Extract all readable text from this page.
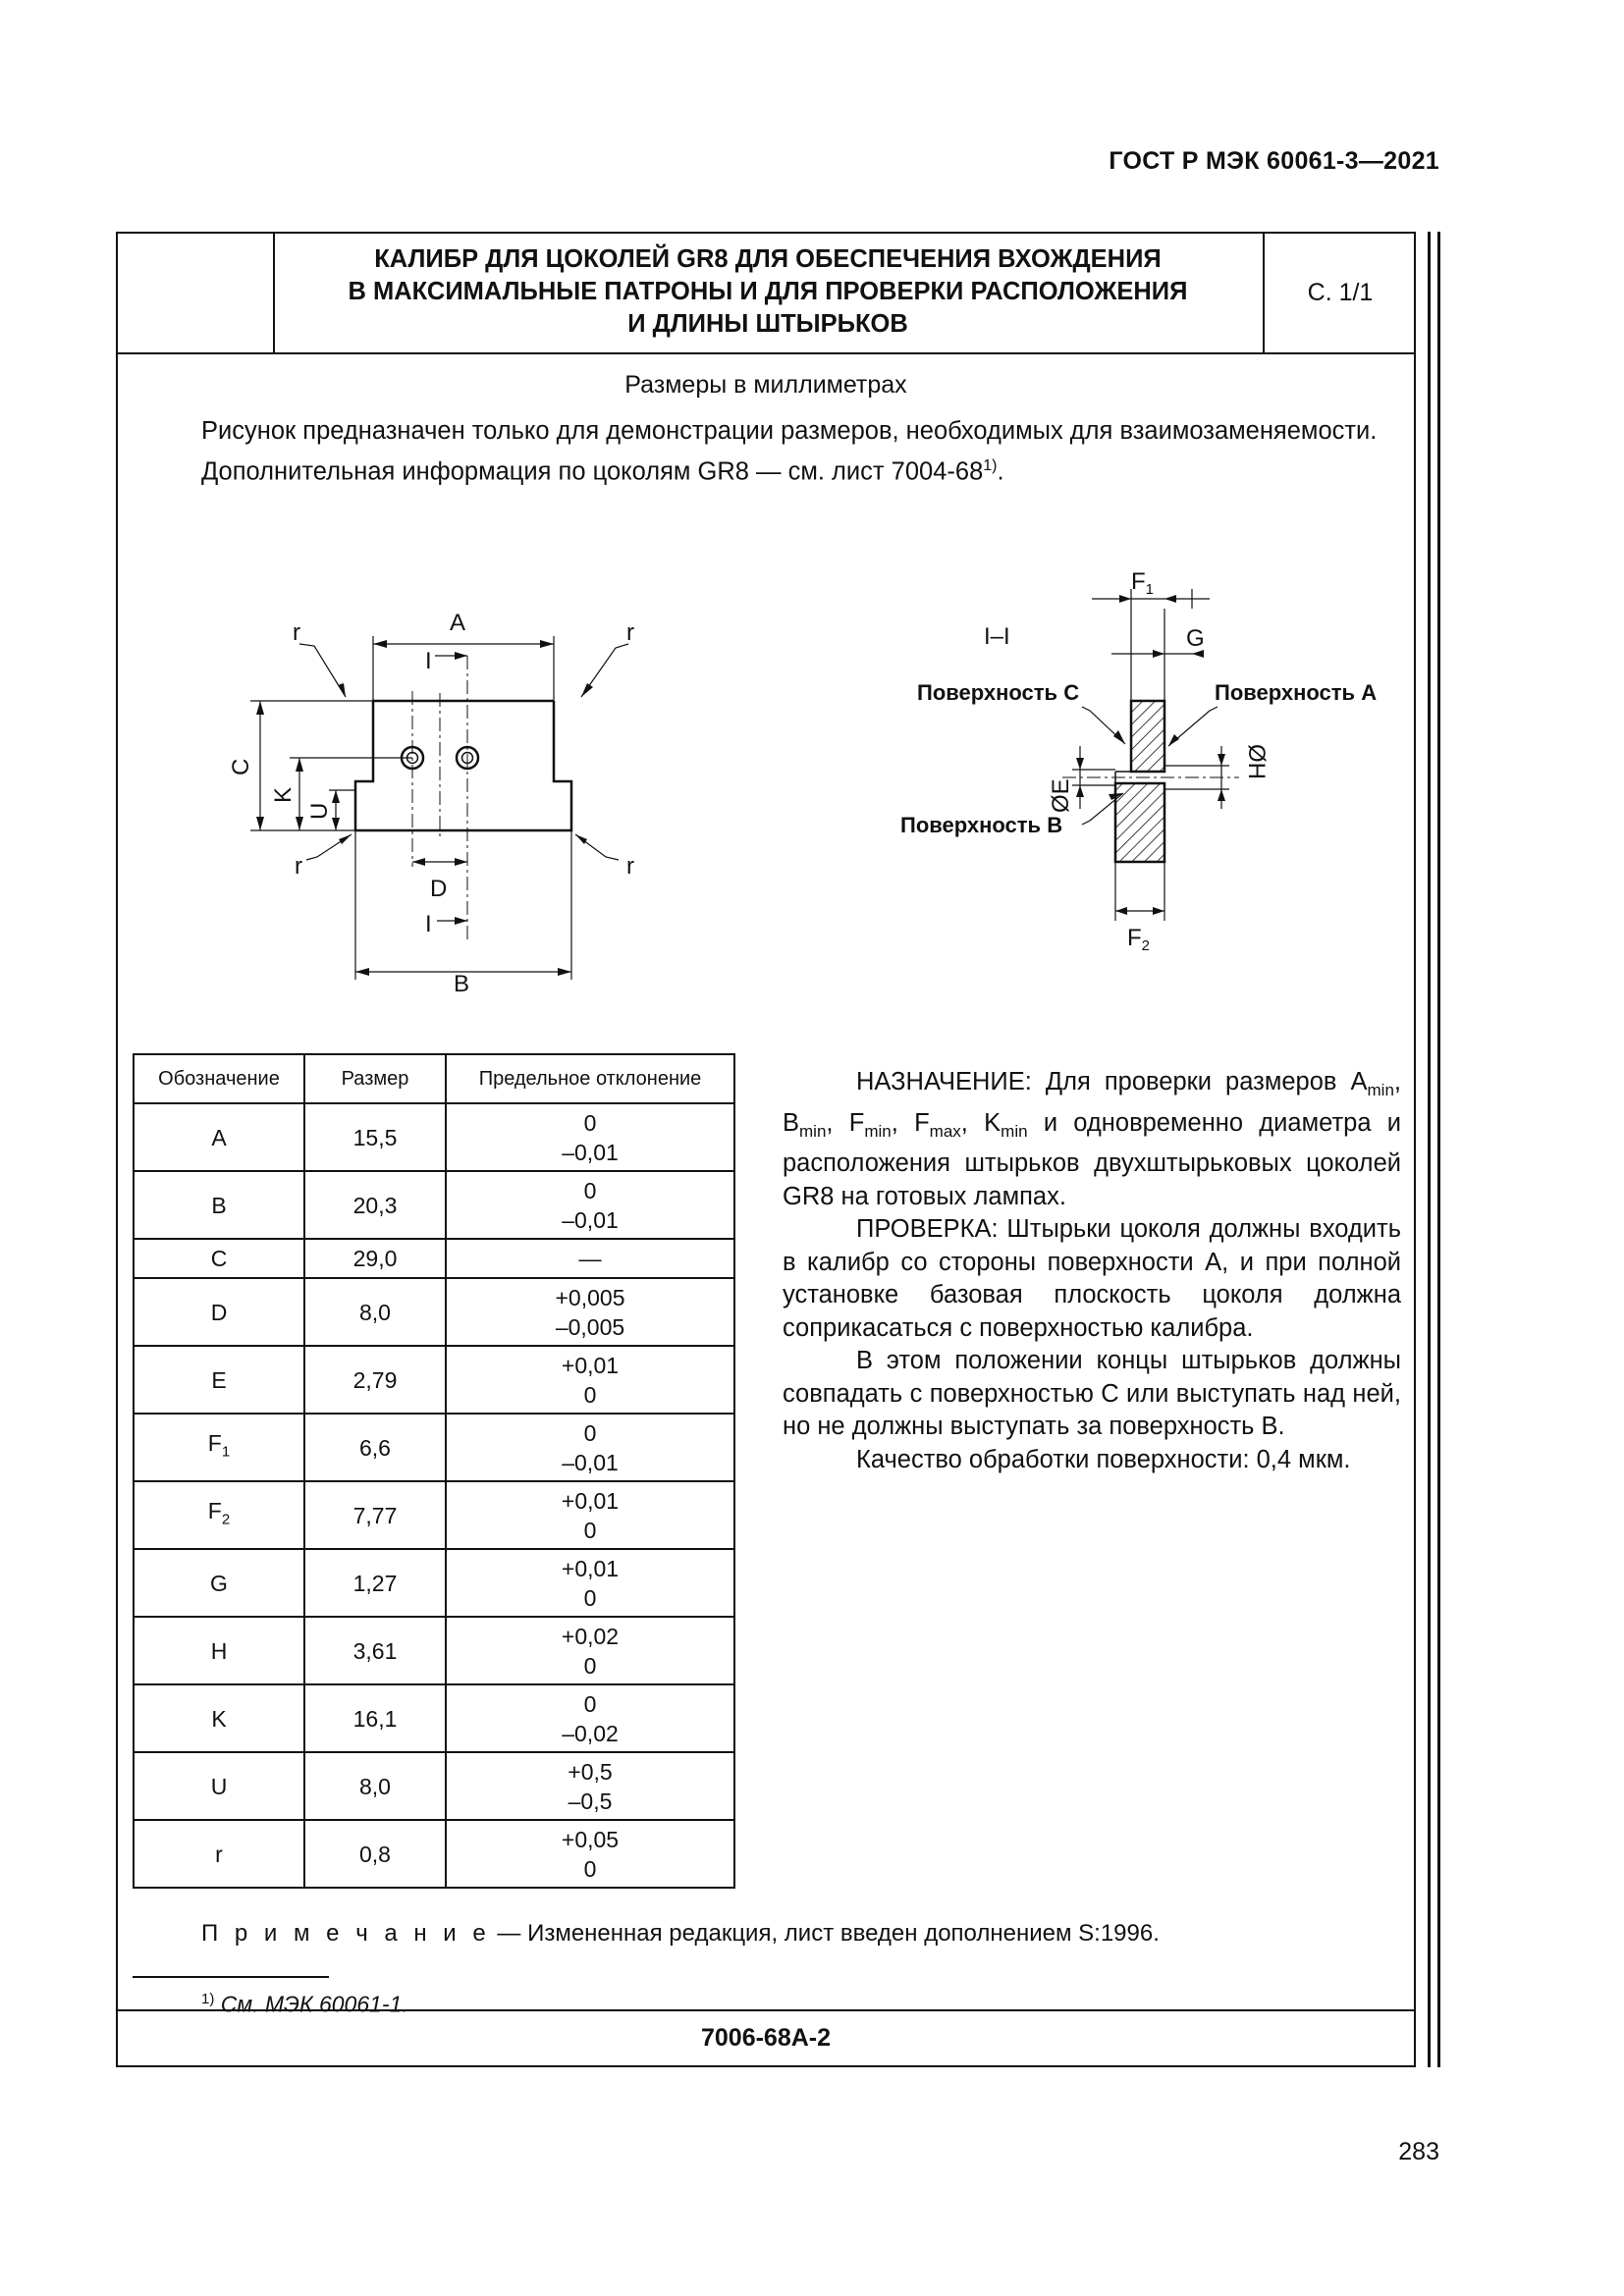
ГОСТ Р МЭК 60061-3—2021
КАЛИБР ДЛЯ ЦОКОЛЕЙ GR8 ДЛЯ ОБЕСПЕЧЕНИЯ ВХОЖДЕНИЯ
В МАКСИМАЛЬНЫЕ ПАТРОНЫ И ДЛЯ ПРОВЕРКИ РАСПОЛОЖЕНИЯ
И ДЛИНЫ ШТЫРЬКОВ
С. 1/1
Размеры в миллиметрах

Рисунок предназначен только для демонстрации размеров, необходимых для взаимозаменяемости.

Дополнительная информация по цоколям GR8 — см. лист 7004-68$^{1)}$.

A
B
C
K
U
D
I
I
r	r
r	r
I–I
$F_1$
G
$F_2$
ØE
ØH
Поверхность С	Поверхность А
Поверхность В
Обозначение	Размер	Предельное отклонение
A	15,5	0
–0,01

B	20,3	0
–0,01

C	29,0	—
D	8,0	+0,005
–0,005

E	2,79	+0,01
0

$F_1$	6,6	0
–0,01

$F_2$	7,77	+0,01
0

G	1,27	+0,01
0

H	3,61	+0,02
0

K	16,1	0
–0,02

U	8,0	+0,5
–0,5

r	0,8	+0,05
0

НАЗНАЧЕНИЕ: Для проверки размеров $A_{min}$, $B_{min}$, $F_{min}$, $F_{max}$, $K_{min}$ и одновременно диаметра и расположения штырьков двухштырьковых цоколей GR8 на готовых лампах.

ПРОВЕРКА: Штырьки цоколя должны входить в калибр со стороны поверхности А, и при полной установке базовая плоскость цоколя должна соприкасаться с поверхностью калибра.

В этом положении концы штырьков должны совпадать с поверхностью С или выступать над ней, но не должны выступать за поверхность В.

Качество обработки поверхности: 0,4 мкм.

П р и м е ч а н и е — Измененная редакция, лист введен дополнением S:1996.
$^{1)}$ См. МЭК 60061-1.
7006-68A-2
283
